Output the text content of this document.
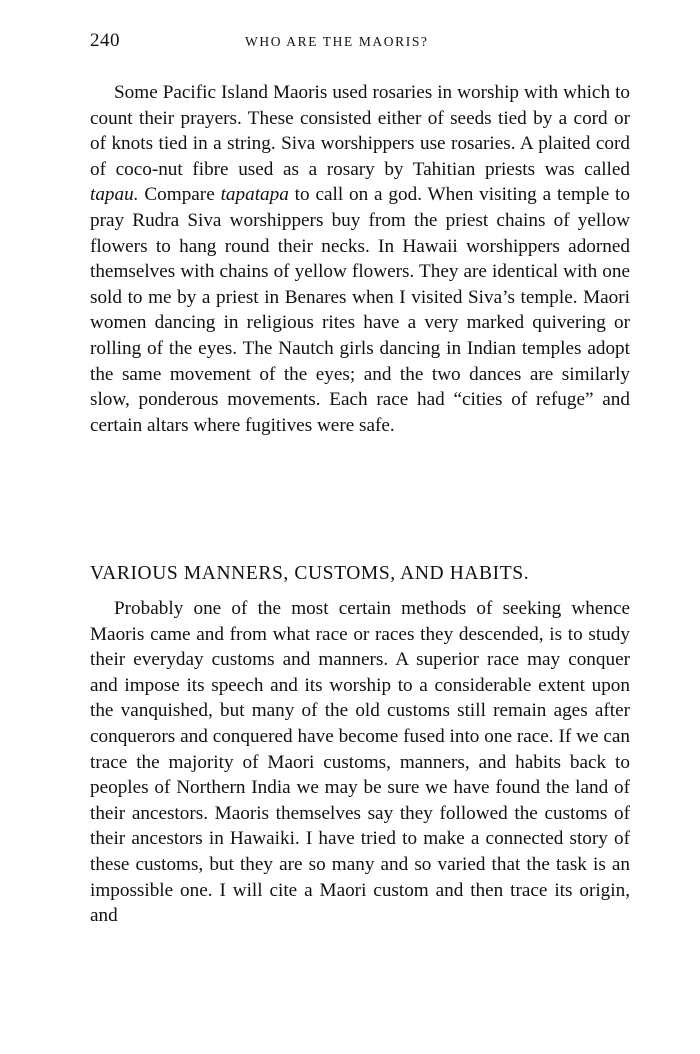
240	WHO ARE THE MAORIS?

Some Pacific Island Maoris used rosaries in worship with which to count their prayers. These consisted either of seeds tied by a cord or of knots tied in a string. Siva worshippers use rosaries. A plaited cord of coco-nut fibre used as a rosary by Tahitian priests was called tapau. Compare tapatapa to call on a god. When visiting a temple to pray Rudra Siva worshippers buy from the priest chains of yellow flowers to hang round their necks. In Hawaii worshippers adorned themselves with chains of yellow flowers. They are identical with one sold to me by a priest in Benares when I visited Siva’s temple. Maori women dancing in religious rites have a very marked quivering or rolling of the eyes. The Nautch girls dancing in Indian temples adopt the same movement of the eyes; and the two dances are similarly slow, ponderous movements. Each race had “cities of refuge” and certain altars where fugitives were safe.

VARIOUS MANNERS, CUSTOMS, AND HABITS.

Probably one of the most certain methods of seeking whence Maoris came and from what race or races they descended, is to study their everyday customs and manners. A superior race may conquer and impose its speech and its worship to a considerable extent upon the vanquished, but many of the old customs still remain ages after conquerors and conquered have become fused into one race. If we can trace the majority of Maori customs, manners, and habits back to peoples of Northern India we may be sure we have found the land of their ancestors. Maoris themselves say they followed the customs of their ancestors in Hawaiki. I have tried to make a connected story of these customs, but they are so many and so varied that the task is an impossible one. I will cite a Maori custom and then trace its origin, and
